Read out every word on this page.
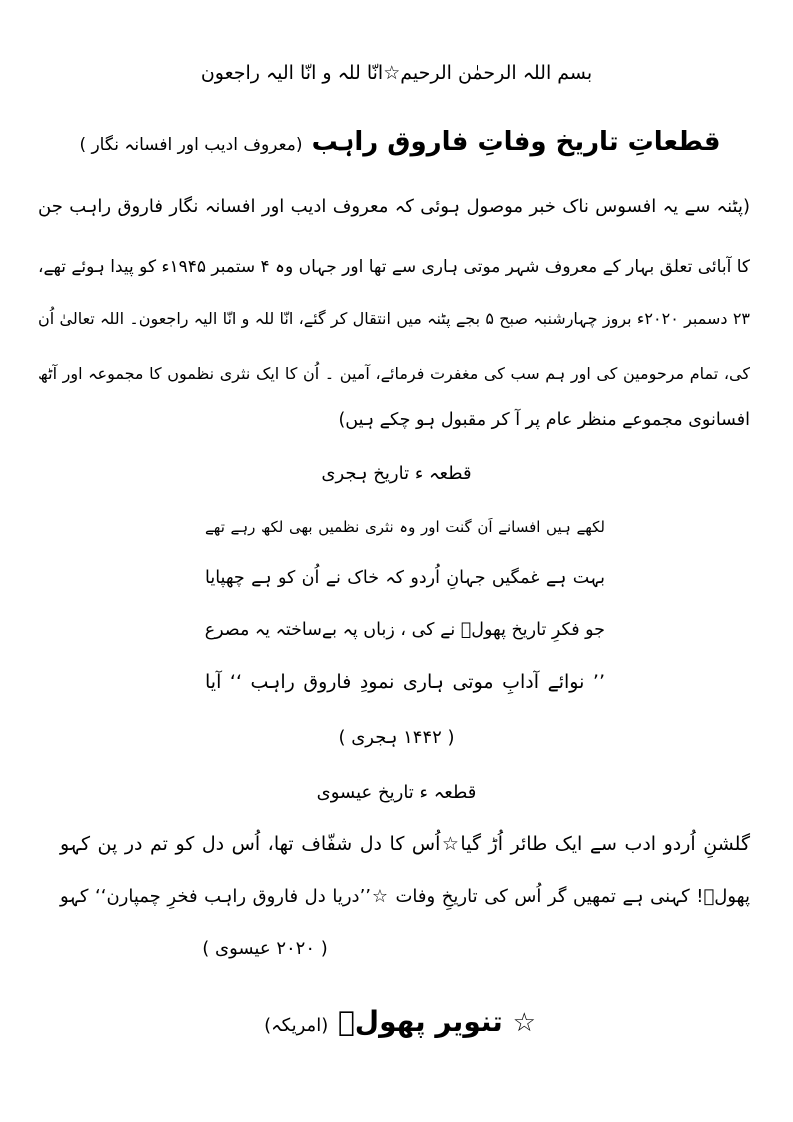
بسم اللہ الرحمٰن الرحیم☆انّا للہ و انّا الیہ راجعون
قطعاتِ تاریخ وفاتِ فاروق راہب (معروف ادیب اور افسانہ نگار )
(پٹنہ سے یہ افسوس ناک خبر موصول ہوئی کہ معروف ادیب اور افسانہ نگار فاروق راہب جن
کا آبائی تعلق بہار کے معروف شہر موتی ہاری سے تھا اور جہاں وہ ۴ ستمبر ۱۹۴۵ء کو پیدا ہوئے تھے،
۲۳ دسمبر ۲۰۲۰ء بروز چہارشنبہ صبح ۵ بجے پٹنہ میں انتقال کر گئے، انّا للہ و انّا الیہ راجعون۔ اللہ تعالیٰ اُن
کی، تمام مرحومین کی اور ہم سب کی مغفرت فرمائے، آمین ۔ اُن کا ایک نثری نظموں کا مجموعہ اور آٹھ
افسانوی مجموعے منظر عام پر آ کر مقبول ہو چکے ہیں)
قطعہ ء تاریخ ہجری
لکھے ہیں افسانے اَن گنت اور وہ نثری نظمیں بھی لکھ رہے تھے
بہت ہے غمگیں جہانِ اُردو کہ خاک نے اُن کو ہے چھپایا
جو فکرِ تاریخ پھولؔ نے کی ، زباں پہ بےساختہ یہ مصرع
’’ نوائے آدابِ موتی ہاری نمودِ فاروق راہب ‘‘ آیا
( ۱۴۴۲ ہجری )
قطعہ ء تاریخ عیسوی
گلشنِ اُردو ادب سے ایک طائر اُڑ گیا☆اُس کا دل شفّاف تھا، اُس دل کو تم در پن کہو
پھولؔ! کہنی ہے تمھیں گر اُس کی تاریخِ وفات ☆’’دریا دل فاروق راہب فخرِ چمپارن‘‘ کہو
( ۲۰۲۰ عیسوی )
☆ تنویر پھولؔ (امریکہ)
